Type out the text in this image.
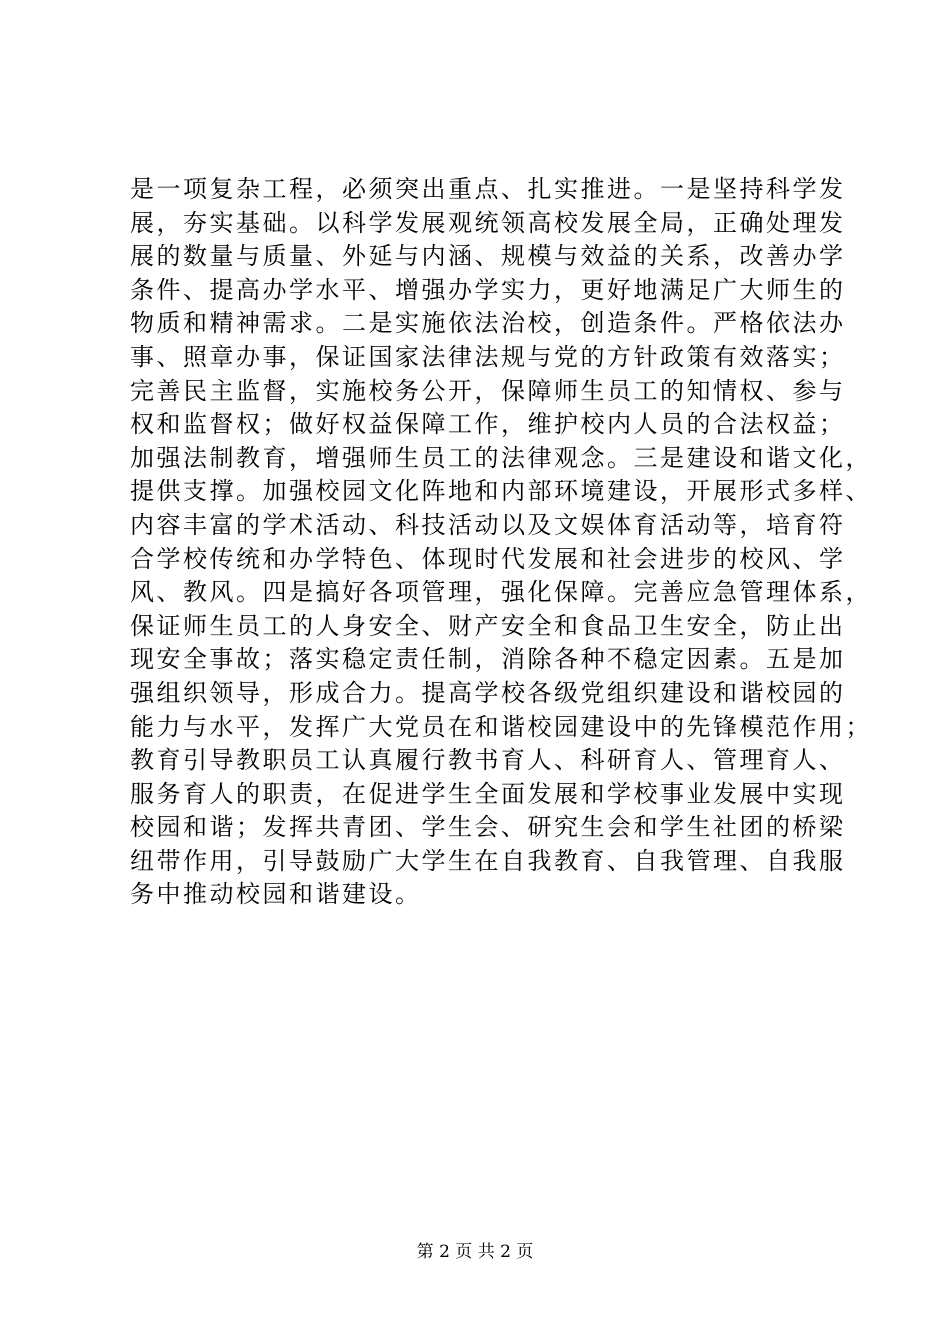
是一项复杂工程，必须突出重点、扎实推进。一是坚持科学发
展，夯实基础。以科学发展观统领高校发展全局，正确处理发
展的数量与质量、外延与内涵、规模与效益的关系，改善办学
条件、提高办学水平、增强办学实力，更好地满足广大师生的
物质和精神需求。二是实施依法治校，创造条件。严格依法办
事、照章办事，保证国家法律法规与党的方针政策有效落实；
完善民主监督，实施校务公开，保障师生员工的知情权、参与
权和监督权；做好权益保障工作，维护校内人员的合法权益；
加强法制教育，增强师生员工的法律观念。三是建设和谐文化，
提供支撑。加强校园文化阵地和内部环境建设，开展形式多样、
内容丰富的学术活动、科技活动以及文娱体育活动等，培育符
合学校传统和办学特色、体现时代发展和社会进步的校风、学
风、教风。四是搞好各项管理，强化保障。完善应急管理体系，
保证师生员工的人身安全、财产安全和食品卫生安全，防止出
现安全事故；落实稳定责任制，消除各种不稳定因素。五是加
强组织领导，形成合力。提高学校各级党组织建设和谐校园的
能力与水平，发挥广大党员在和谐校园建设中的先锋模范作用；
教育引导教职员工认真履行教书育人、科研育人、管理育人、
服务育人的职责，在促进学生全面发展和学校事业发展中实现
校园和谐；发挥共青团、学生会、研究生会和学生社团的桥梁
纽带作用，引导鼓励广大学生在自我教育、自我管理、自我服
务中推动校园和谐建设。
第 2 页 共 2 页
